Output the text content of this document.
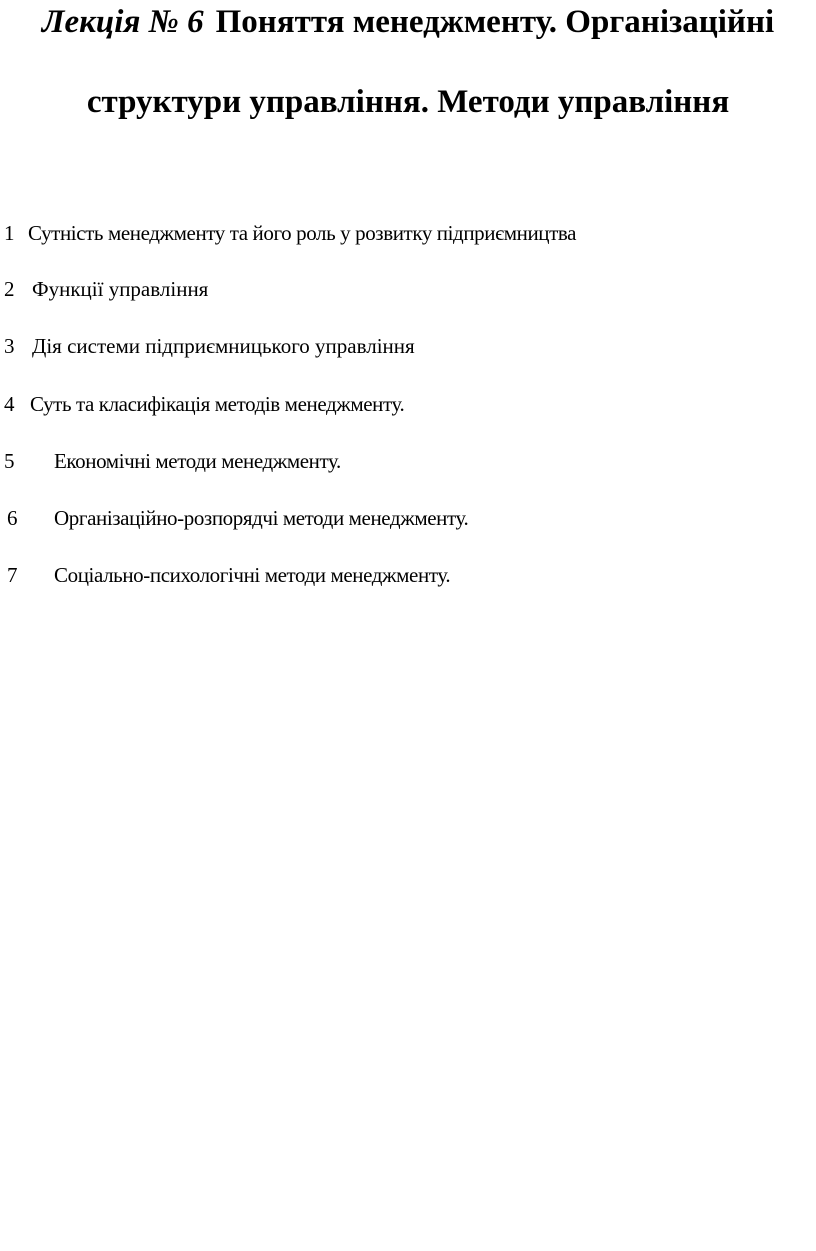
Лекція № 6 Поняття менеджменту. Організаційні
структури управління. Методи управління
1 Сутність менеджменту та його роль у розвитку підприємництва
2 Функції управління
3 Дія системи підприємницького управління
4 Суть та класифікація методів менеджменту.
5 Економічні методи менеджменту.
6 Організаційно-розпорядчі методи менеджменту.
7 Соціально-психологічні методи менеджменту.
